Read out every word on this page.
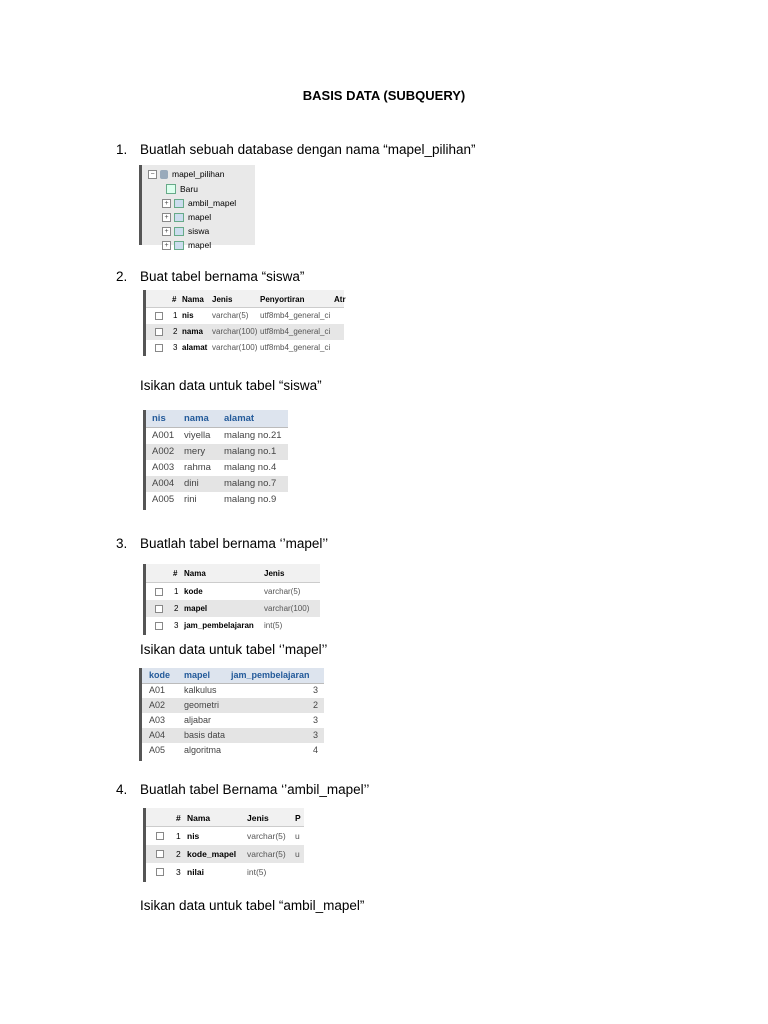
BASIS DATA (SUBQUERY)
1. Buatlah sebuah database dengan nama “mapel_pilihan”
− mapel_pilihan
Baru
+ ambil_mapel
+ mapel
+ siswa
+ mapel
2. Buat tabel bernama “siswa”
# Nama Jenis	Penyortiran	Atr
1 nis varchar(5) utf8mb4_general_ci
2 nama varchar(100) utf8mb4_general_ci
3 alamat varchar(100) utf8mb4_general_ci
Isikan data untuk tabel “siswa”
nis nama alamat
A001 viyella malang no.21
A002 mery malang no.1
A003 rahma malang no.4
A004 dini	malang no.7
A005 rini	malang no.9
3. Buatlah tabel bernama ‘’mapel’’
# Nama	Jenis
1 kode	varchar(5)
2 mapel	varchar(100)
3 jam_pembelajaran int(5)
Isikan data untuk tabel ‘’mapel’’
kode mapel jam_pembelajaran
A01 kalkulus	3
A02 geometri	2
A03 aljabar	3
A04 basis data	3
A05 algoritma	4
4. Buatlah tabel Bernama ‘’ambil_mapel’’
# Nama	Jenis	P
1 nis	varchar(5) u
2 kode_mapel varchar(5) u
3 nilai	int(5)
Isikan data untuk tabel “ambil_mapel”
